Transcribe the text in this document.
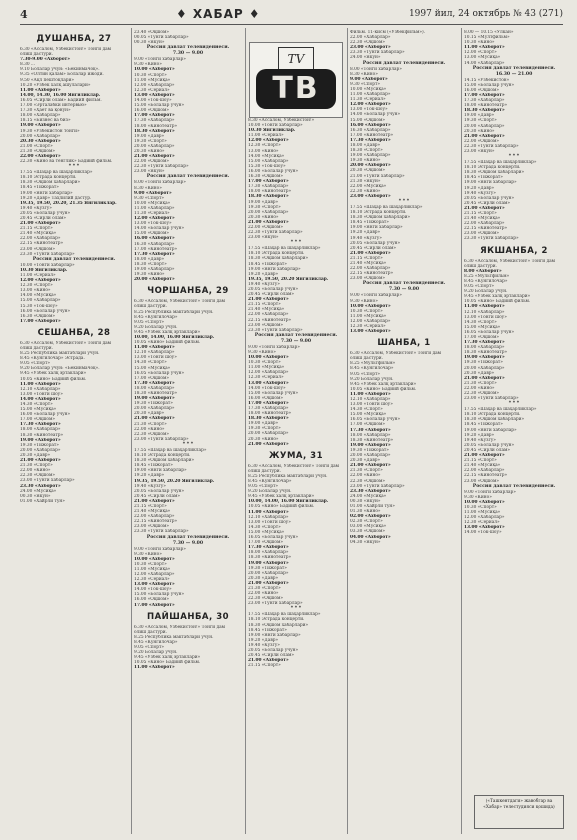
4	♦ ХАБАР ♦	1997 йил, 24 октябрь № 43 (271)
ДУШАНБА, 27
6.30 «Ассалом, Ўзбекистон!» Тонги дам
олиш дастури.
7.30-9.00 «Ахборот»
8.30 ...
9.10 Болалар учун: «Бекинмачоқ».
9.35 «Олтин қалам» Болалар ижоди.
9.50 «Ақл пештоқлари»
10.20 «Ўзбек халқ ашулалари»
11.00 «Ахборот»
14.00, 14.30, 16.00 Янгиликлар.
16.05 «Сирли олам» Бадиий фильм.
17.00 «Эрталабки интервью»
17.30 «Ҳаёт ва қонун»
18.00 «Хабарлар»
18.15 «Бизнес ва биз»
19.00 «Ахборот»
19.30 «Ўзбекистон тонги»
20.00 «Хабарлар»
20.30 «Ахборот»
21.00 «Спорт»
21.30 «Оқшом»
22.00 «Ахборот»
22.30 «Кино ва тенглик» Бадиий фильм.
* * *
17.55 «Шаҳар ва шаҳарликлар»
18.10 Эстрада концерти.
18.30 «Оқшом хабарлари»
18.45 «Тижорат»
19.00 «Янги хабарлар»
19.20 «Давр» Таҳлилий дастур.
19.35, 19.50, 20.20, 21.35 Янгиликлар.
19.40 «Кўзгу»
20.05 «Болалар учун»
20.45 «Сирли олам»
21.00 «Ахборот»
21.15 «Спорт»
21.40 «Мусиқа»
22.00 «Хабарлар»
22.15 «Кинотеатр»
23.00 «Оқшом»
23.30 «Тунги хабарлар»
Россия давлат телевидениеси.
10.00 «Тонги хабарлар»
10.30 Янгиликлар.
11.00 «Сериал»
12.00 «Ахборот»
12.30 «Спорт»
13.00 «Кино»
14.00 «Мусиқа»
15.00 «Хабарлар»
15.30 «Ток-шоу»
16.00 «Болалар учун»
16.30 «Оқшом»
17.00 «Ахборот»
СЕШАНБА, 28
6.30 «Ассалом, Ўзбекистон!» Тонги дам
олиш дастури.
8.25 Республика мактаблари учун.
8.45 «Кўнгилочар» Эстрада.
9.05 «Спорт»
9.20 Болалар учун: «Бекинмачоқ».
9.45 «Ўзбек халқ эртаклари»
10.05 «Кино» Бадиий фильм.
11.00 «Ахборот»
12.10 «Хабарлар»
13.00 «Тонги шоу»
14.00 «Ахборот»
14.30 «Спорт»
15.00 «Мусиқа»
16.00 «Болалар учун»
17.00 «Оқшом»
17.30 «Ахборот»
18.00 «Хабарлар»
18.30 «Кинотеатр»
19.00 «Ахборот»
19.30 «Тижорат»
20.00 «Хабарлар»
20.30 «Давр»
21.00 «Ахборот»
21.30 «Спорт»
22.00 «Кино»
22.30 «Оқшом»
23.00 «Тунги хабарлар»
23.30 «Ахборот»
24.00 «Мусиқа»
00.30 «Якун»
01.00 «Хайрли тун»
23.40 «Оқшом»
00.05 «Тунги хабарлар»
00.30 «Якун»
Россия давлат телевидениеси.
7.30 — 9.00
9.00 «Тонги хабарлар»
9.30 «Кино»
10.00 «Ахборот»
10.30 «Спорт»
11.00 «Мусиқа»
12.00 «Хабарлар»
12.30 «Сериал»
13.00 «Ахборот»
14.00 «Ток-шоу»
15.00 «Болалар учун»
16.00 «Оқшом»
17.00 «Ахборот»
17.30 «Хабарлар»
18.00 «Кинотеатр»
18.30 «Ахборот»
19.00 «Давр»
19.30 «Спорт»
20.00 «Хабарлар»
20.30 «Кино»
21.00 «Ахборот»
22.00 «Оқшом»
22.30 «Тунги хабарлар»
23.00 «Якун»
Россия давлат телевидениеси.
8.00 «Тонги хабарлар»
8.30 «Кино»
9.00 «Ахборот»
9.30 «Спорт»
10.00 «Мусиқа»
11.00 «Хабарлар»
11.30 «Сериал»
12.00 «Ахборот»
13.00 «Ток-шоу»
14.00 «Болалар учун»
15.00 «Оқшом»
16.00 «Ахборот»
16.30 «Хабарлар»
17.00 «Кинотеатр»
17.30 «Ахборот»
18.00 «Давр»
18.30 «Спорт»
19.00 «Хабарлар»
19.30 «Кино»
20.00 «Ахборот»
ЧОРШАНБА, 29
6.30 «Ассалом, Ўзбекистон!» Тонги дам
олиш дастури.
8.25 Республика мактаблари учун.
8.45 «Кўнгилочар»
9.05 «Спорт»
9.20 Болалар учун.
9.45 «Ўзбек халқ эртаклари»
10.00, 14.00, 16.00 Янгиликлар.
10.05 «Кино» Бадиий фильм.
11.00 «Ахборот»
12.10 «Хабарлар»
13.00 «Тонги шоу»
14.30 «Спорт»
15.00 «Мусиқа»
16.05 «Болалар учун»
17.00 «Оқшом»
17.30 «Ахборот»
18.00 «Хабарлар»
18.30 «Кинотеатр»
19.00 «Ахборот»
19.30 «Тижорат»
20.00 «Хабарлар»
20.30 «Давр»
21.00 «Ахборот»
21.30 «Спорт»
22.00 «Кино»
22.30 «Оқшом»
23.00 «Тунги хабарлар»
* * *
17.55 «Шаҳар ва шаҳарликлар»
18.10 Эстрада концерти.
18.30 «Оқшом хабарлари»
18.45 «Тижорат»
19.00 «Янги хабарлар»
19.20 «Давр»
19.35, 19.50, 20.20 Янгиликлар.
19.40 «Кўзгу»
20.05 «Болалар учун»
20.45 «Сирли олам»
21.00 «Ахборот»
21.15 «Спорт»
21.40 «Мусиқа»
22.00 «Хабарлар»
22.15 «Кинотеатр»
23.00 «Оқшом»
23.30 «Тунги хабарлар»
Россия давлат телевидениеси.
7.30 — 9.00
9.00 «Тонги хабарлар»
9.30 «Кино»
10.00 «Ахборот»
10.30 «Спорт»
11.00 «Мусиқа»
12.00 «Хабарлар»
12.30 «Сериал»
13.00 «Ахборот»
14.00 «Ток-шоу»
15.00 «Болалар учун»
16.00 «Оқшом»
17.00 «Ахборот»
ПАЙШАНБА, 30
6.30 «Ассалом, Ўзбекистон!» Тонги дам
олиш дастури.
8.25 Республика мактаблари учун.
8.45 «Кўнгилочар»
9.05 «Спорт»
9.20 Болалар учун.
9.45 «Ўзбек халқ эртаклари»
10.05 «Кино» Бадиий фильм.
11.00 «Ахборот»
8.30 «Ассалом, Ўзбекистон!»
10.00 «Тонги хабарлар»
10.30 Янгиликлар.
11.00 «Сериал»
12.00 «Ахборот»
12.30 «Спорт»
13.00 «Кино»
14.00 «Мусиқа»
15.00 «Хабарлар»
15.30 «Ток-шоу»
16.00 «Болалар учун»
16.30 «Оқшом»
17.00 «Ахборот»
17.30 «Хабарлар»
18.00 «Кинотеатр»
18.30 «Ахборот»
19.00 «Давр»
19.30 «Спорт»
20.00 «Хабарлар»
20.30 «Кино»
21.00 «Ахборот»
22.00 «Оқшом»
22.30 «Тунги хабарлар»
23.00 «Якун»
* * *
17.55 «Шаҳар ва шаҳарликлар»
18.10 Эстрада концерти.
18.30 «Оқшом хабарлари»
18.45 «Тижорат»
19.00 «Янги хабарлар»
19.20 «Давр»
19.35, 19.50, 20.20 Янгиликлар.
19.40 «Кўзгу»
20.05 «Болалар учун»
20.45 «Сирли олам»
21.00 «Ахборот»
21.15 «Спорт»
21.40 «Мусиқа»
22.00 «Хабарлар»
22.15 «Кинотеатр»
23.00 «Оқшом»
23.30 «Тунги хабарлар»
Россия давлат телевидениеси.
7.30 — 9.00
9.00 «Тонги хабарлар»
9.30 «Кино»
10.00 «Ахборот»
10.30 «Спорт»
11.00 «Мусиқа»
12.00 «Хабарлар»
12.30 «Сериал»
13.00 «Ахборот»
14.00 «Ток-шоу»
15.00 «Болалар учун»
16.00 «Оқшом»
17.00 «Ахборот»
17.30 «Хабарлар»
18.00 «Кинотеатр»
18.30 «Ахборот»
19.00 «Давр»
19.30 «Спорт»
20.00 «Хабарлар»
20.30 «Кино»
21.00 «Ахборот»
ЖУМА, 31
6.30 «Ассалом, Ўзбекистон!» Тонги дам
олиш дастури.
8.25 Республика мактаблари учун.
8.45 «Кўнгилочар»
9.05 «Спорт»
9.20 Болалар учун.
9.45 «Ўзбек халқ эртаклари»
10.00, 14.00, 16.00 Янгиликлар.
10.05 «Кино» Бадиий фильм.
11.00 «Ахборот»
12.10 «Хабарлар»
13.00 «Тонги шоу»
14.30 «Спорт»
15.00 «Мусиқа»
16.05 «Болалар учун»
17.00 «Оқшом»
17.30 «Ахборот»
18.00 «Хабарлар»
18.30 «Кинотеатр»
19.00 «Ахборот»
19.30 «Тижорат»
20.00 «Хабарлар»
20.30 «Давр»
21.00 «Ахборот»
21.30 «Спорт»
22.00 «Кино»
22.30 «Оқшом»
23.00 «Тунги хабарлар»
* * *
17.55 «Шаҳар ва шаҳарликлар»
18.10 Эстрада концерти.
18.30 «Оқшом хабарлари»
18.45 «Тижорат»
19.00 «Янги хабарлар»
19.20 «Давр»
19.40 «Кўзгу»
20.05 «Болалар учун»
20.45 «Сирли олам»
21.00 «Ахборот»
21.15 «Спорт»
Фильм. 11-кисм («Узбекфильм»).
22.00 «Хабарлар»
22.30 «Оқшом»
23.00 «Ахборот»
23.30 «Тунги хабарлар»
24.00 «Якун»
Россия давлат телевидениеси.
8.00 «Тонги хабарлар»
8.30 «Кино»
9.00 «Ахборот»
9.30 «Спорт»
10.00 «Мусиқа»
11.00 «Хабарлар»
11.30 «Сериал»
12.00 «Ахборот»
13.00 «Ток-шоу»
14.00 «Болалар учун»
15.00 «Оқшом»
16.00 «Ахборот»
16.30 «Хабарлар»
17.00 «Кинотеатр»
17.30 «Ахборот»
18.00 «Давр»
18.30 «Спорт»
19.00 «Хабарлар»
19.30 «Кино»
20.00 «Ахборот»
20.30 «Оқшом»
21.00 «Тунги хабарлар»
21.30 «Якун»
22.00 «Мусиқа»
22.30 «Кино»
23.00 «Ахборот»
* * *
17.55 «Шаҳар ва шаҳарликлар»
18.10 Эстрада концерти.
18.30 «Оқшом хабарлари»
18.45 «Тижорат»
19.00 «Янги хабарлар»
19.20 «Давр»
19.40 «Кўзгу»
20.05 «Болалар учун»
20.45 «Сирли олам»
21.00 «Ахборот»
21.15 «Спорт»
21.40 «Мусиқа»
22.00 «Хабарлар»
22.15 «Кинотеатр»
23.00 «Оқшом»
Россия давлат телевидениеси.
7.30 — 9.00
9.00 «Тонги хабарлар»
9.30 «Кино»
10.00 «Ахборот»
10.30 «Спорт»
11.00 «Мусиқа»
12.00 «Хабарлар»
12.30 «Сериал»
13.00 «Ахборот»
ШАНБА, 1
6.30 «Ассалом, Ўзбекистон!» Тонги дам
олиш дастури.
8.25 «Мультфильм»
8.45 «Кўнгилочар»
9.05 «Спорт»
9.20 Болалар учун.
9.45 «Ўзбек халқ эртаклари»
10.05 «Кино» Бадиий фильм.
11.00 «Ахборот»
12.10 «Хабарлар»
13.00 «Тонги шоу»
14.30 «Спорт»
15.00 «Мусиқа»
16.05 «Болалар учун»
17.00 «Оқшом»
17.30 «Ахборот»
18.00 «Хабарлар»
18.30 «Кинотеатр»
19.00 «Ахборот»
19.30 «Тижорат»
20.00 «Хабарлар»
20.30 «Давр»
21.00 «Ахборот»
21.30 «Спорт»
22.00 «Кино»
22.30 «Оқшом»
23.00 «Тунги хабарлар»
23.30 «Ахборот»
24.00 «Мусиқа»
00.30 «Якун»
01.00 «Хайрли тун»
01.30 «Кино»
02.00 «Ахборот»
02.30 «Спорт»
03.00 «Мусиқа»
03.30 «Оқшом»
04.00 «Ахборот»
04.30 «Якун»
8.00 — 10.15 «Улкан»
10.15 «Мултфильм»
10.30 «Кино»
11.00 «Ахборот»
12.00 «Спорт»
13.00 «Мусиқа»
14.00 «Хабарлар»
Россия давлат телевидениеси.
16.30 — 21.00
14.15 «Ўзбекистон»
15.00 «Болалар учун»
16.00 «Оқшом»
17.00 «Ахборот»
17.30 «Хабарлар»
18.00 «Кинотеатр»
18.30 «Ахборот»
19.00 «Давр»
19.30 «Спорт»
20.00 «Хабарлар»
20.30 «Кино»
21.00 «Ахборот»
22.00 «Оқшом»
22.30 «Тунги хабарлар»
23.00 «Якун»
* * *
17.55 «Шаҳар ва шаҳарликлар»
18.10 Эстрада концерти.
18.30 «Оқшом хабарлари»
18.45 «Тижорат»
19.00 «Янги хабарлар»
19.20 «Давр»
19.40 «Кўзгу»
20.05 «Болалар учун»
20.45 «Сирли олам»
21.00 «Ахборот»
21.15 «Спорт»
21.40 «Мусиқа»
22.00 «Хабарлар»
22.15 «Кинотеатр»
23.00 «Оқшом»
23.30 «Тунги хабарлар»
ЯКШАНБА, 2
6.30 «Ассалом, Ўзбекистон!» Тонги дам
олиш дастури.
8.00 «Ахборот»
8.25 «Мультфильм»
8.45 «Кўнгилочар»
9.05 «Спорт»
9.20 Болалар учун.
9.45 «Ўзбек халқ эртаклари»
10.05 «Кино» Бадиий фильм.
11.00 «Ахборот»
12.10 «Хабарлар»
13.00 «Тонги шоу»
14.30 «Спорт»
15.00 «Мусиқа»
16.05 «Болалар учун»
17.00 «Оқшом»
17.30 «Ахборот»
18.00 «Хабарлар»
18.30 «Кинотеатр»
19.00 «Ахборот»
19.30 «Тижорат»
20.00 «Хабарлар»
20.30 «Давр»
21.00 «Ахборот»
21.30 «Спорт»
22.00 «Кино»
22.30 «Оқшом»
23.00 «Тунги хабарлар»
* * *
17.55 «Шаҳар ва шаҳарликлар»
18.10 Эстрада концерти.
18.30 «Оқшом хабарлари»
18.45 «Тижорат»
19.00 «Янги хабарлар»
19.20 «Давр»
19.40 «Кўзгу»
20.05 «Болалар учун»
20.45 «Сирли олам»
21.00 «Ахборот»
21.15 «Спорт»
21.40 «Мусиқа»
22.00 «Хабарлар»
22.15 «Кинотеатр»
23.00 «Оқшом»
Россия давлат телевидениеси.
9.00 «Тонги хабарлар»
9.30 «Кино»
10.00 «Ахборот»
10.30 «Спорт»
11.00 «Мусиқа»
12.00 «Хабарлар»
12.30 «Сериал»
13.00 «Ахборот»
14.00 «Ток-шоу»
TV
ТВ
(«Ташкентдаги» жавобгар ва «Хабар» телестудияси қошида)
